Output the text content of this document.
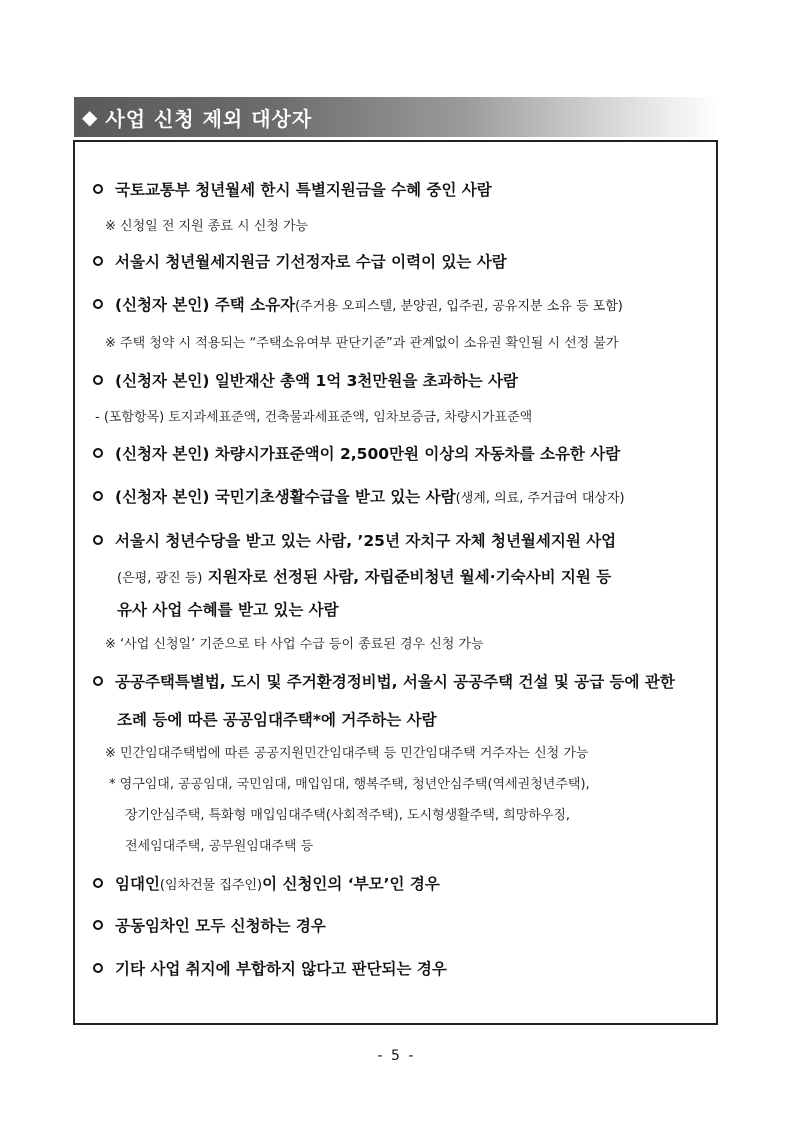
◆ 사업 신청 제외 대상자
국토교통부 청년월세 한시 특별지원금을 수혜 중인 사람
※ 신청일 전 지원 종료 시 신청 가능
서울시 청년월세지원금 기선정자로 수급 이력이 있는 사람
(신청자 본인) 주택 소유자(주거용 오피스텔, 분양권, 입주권, 공유지분 소유 등 포함)
※ 주택 청약 시 적용되는 “주택소유여부 판단기준”과 관계없이 소유권 확인될 시 선정 불가
(신청자 본인) 일반재산 총액 1억 3천만원을 초과하는 사람
- (포함항목) 토지과세표준액, 건축물과세표준액, 임차보증금, 차량시가표준액
(신청자 본인) 차량시가표준액이 2,500만원 이상의 자동차를 소유한 사람
(신청자 본인) 국민기초생활수급을 받고 있는 사람(생계, 의료, 주거급여 대상자)
서울시 청년수당을 받고 있는 사람, ’25년 자치구 자체 청년월세지원 사업
(은평, 광진 등) 지원자로 선정된 사람, 자립준비청년 월세·기숙사비 지원 등
유사 사업 수혜를 받고 있는 사람
※ ‘사업 신청일’ 기준으로 타 사업 수급 등이 종료된 경우 신청 가능
공공주택특별법, 도시 및 주거환경정비법, 서울시 공공주택 건설 및 공급 등에 관한
조례 등에 따른 공공임대주택*에 거주하는 사람
※ 민간임대주택법에 따른 공공지원민간임대주택 등 민간임대주택 거주자는 신청 가능
* 영구임대, 공공임대, 국민임대, 매입임대, 행복주택, 청년안심주택(역세권청년주택),
장기안심주택, 특화형 매입임대주택(사회적주택), 도시형생활주택, 희망하우징,
전세임대주택, 공무원임대주택 등
임대인(임차건물 집주인)이 신청인의 ‘부모’인 경우
공동임차인 모두 신청하는 경우
기타 사업 취지에 부합하지 않다고 판단되는 경우
- 5 -
